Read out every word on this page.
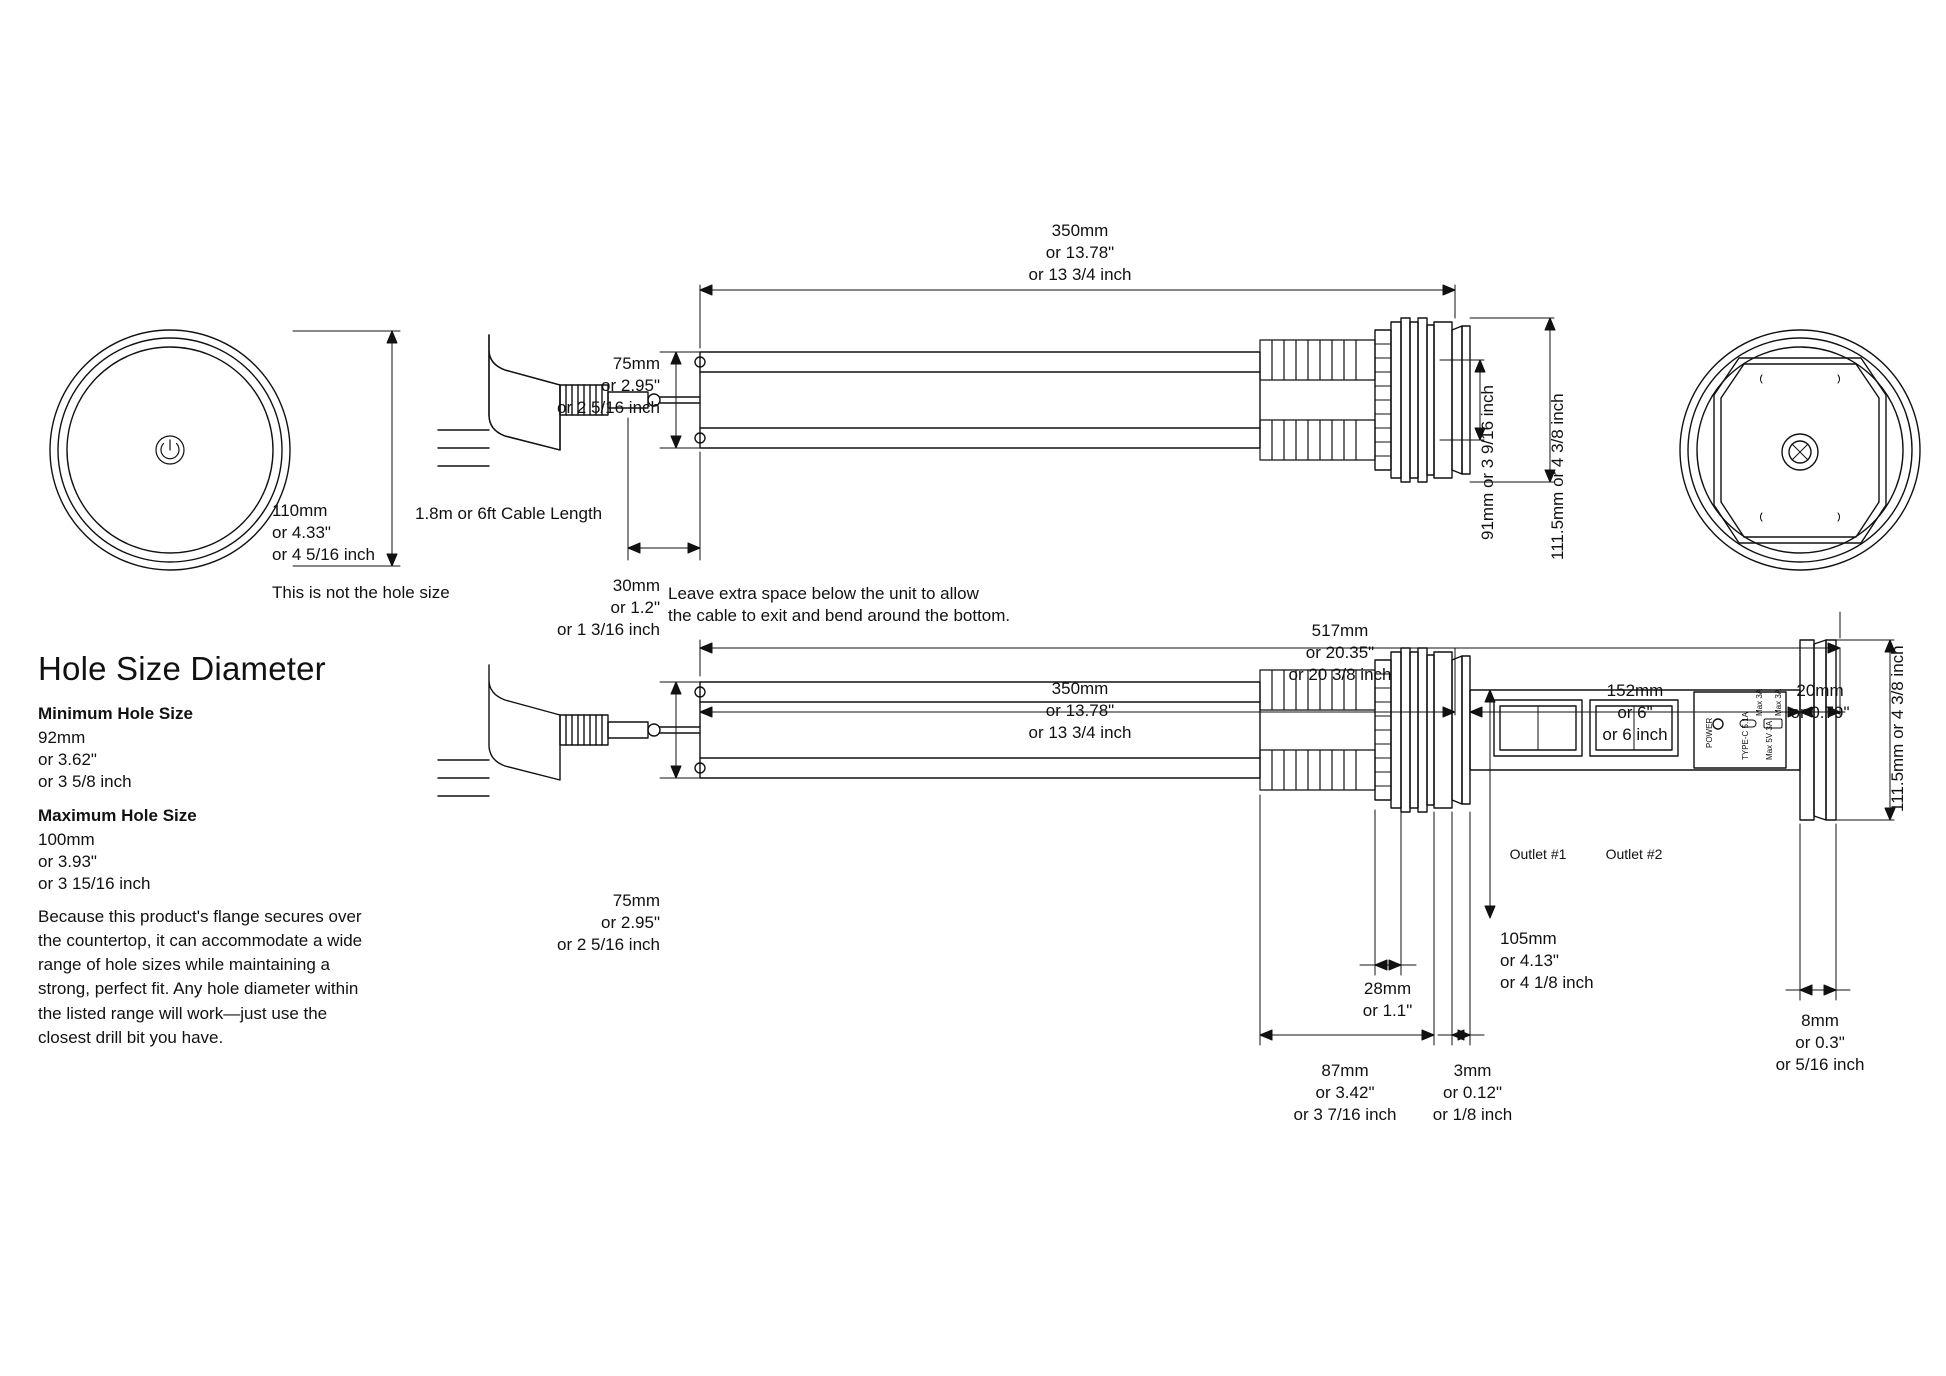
POWER	TYPE-C 5.1A Max 5V 3A
Max 3A Max 3A
110mm
or 4.33"
or 4 5/16 inch
This is not the hole size
Hole Size Diameter
Minimum Hole Size
92mm
or 3.62"
or 3 5/8 inch
Maximum Hole Size
100mm
or 3.93"
or 3 15/16 inch
Because this product's flange secures over the countertop, it can accommodate a wide range of hole sizes while maintaining a strong, perfect fit. Any hole diameter within the listed range will work—just use the closest drill bit you have.
350mm
or 13.78"
or 13 3/4 inch
75mm
or 2.95"
or 2 5/16 inch
1.8m or 6ft Cable Length
30mm
or 1.2"
or 1 3/16 inch
Leave extra space below the unit to allow
the cable to exit and bend around the bottom.
91mm or 3 9/16 inch	111.5mm or 4 3/8 inch
517mm
or 20.35"
or 20 3/8 inch
350mm
or 13.78"
or 13 3/4 inch
152mm
or 6"
or 6 inch
20mm
or 0.79"
75mm
or 2.95"
or 2 5/16 inch
28mm
or 1.1"
105mm
or 4.13"
or 4 1/8 inch
87mm
or 3.42"
or 3 7/16 inch
3mm
or 0.12"
or 1/8 inch
8mm
or 0.3"
or 5/16 inch
111.5mm or 4 3/8 inch
Outlet #1	Outlet #2
